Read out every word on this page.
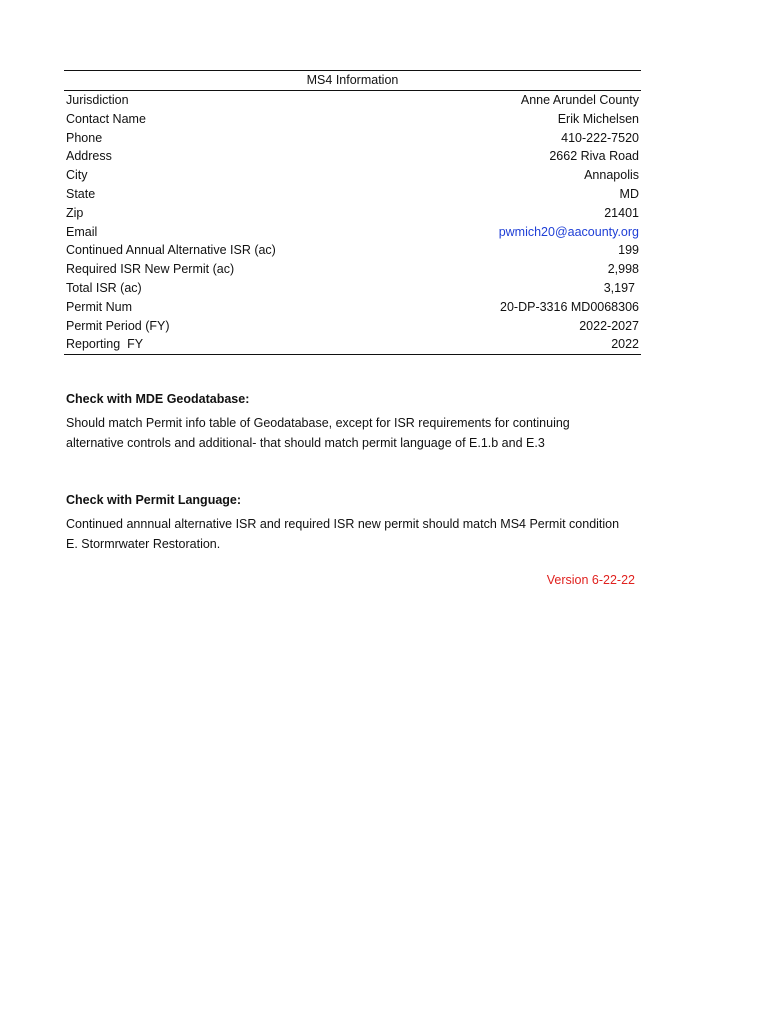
MS4 Information
Jurisdiction	Anne Arundel County
Contact Name	Erik Michelsen
Phone	410-222-7520
Address	2662 Riva Road
City	Annapolis
State	MD
Zip	21401
Email	pwmich20@aacounty.org
Continued Annual Alternative ISR (ac)	199
Required ISR New Permit (ac)	2,998
Total ISR (ac)	3,197
Permit Num	20-DP-3316 MD0068306
Permit Period (FY)	2022-2027
Reporting  FY	2022
Check with MDE Geodatabase:
Should match Permit info table of Geodatabase, except for ISR requirements for continuing
alternative controls and additional- that should match permit language of E.1.b and E.3
Check with Permit Language:
Continued annnual alternative ISR and required ISR new permit should match MS4 Permit condition
E. Stormrwater Restoration.
Version 6-22-22
